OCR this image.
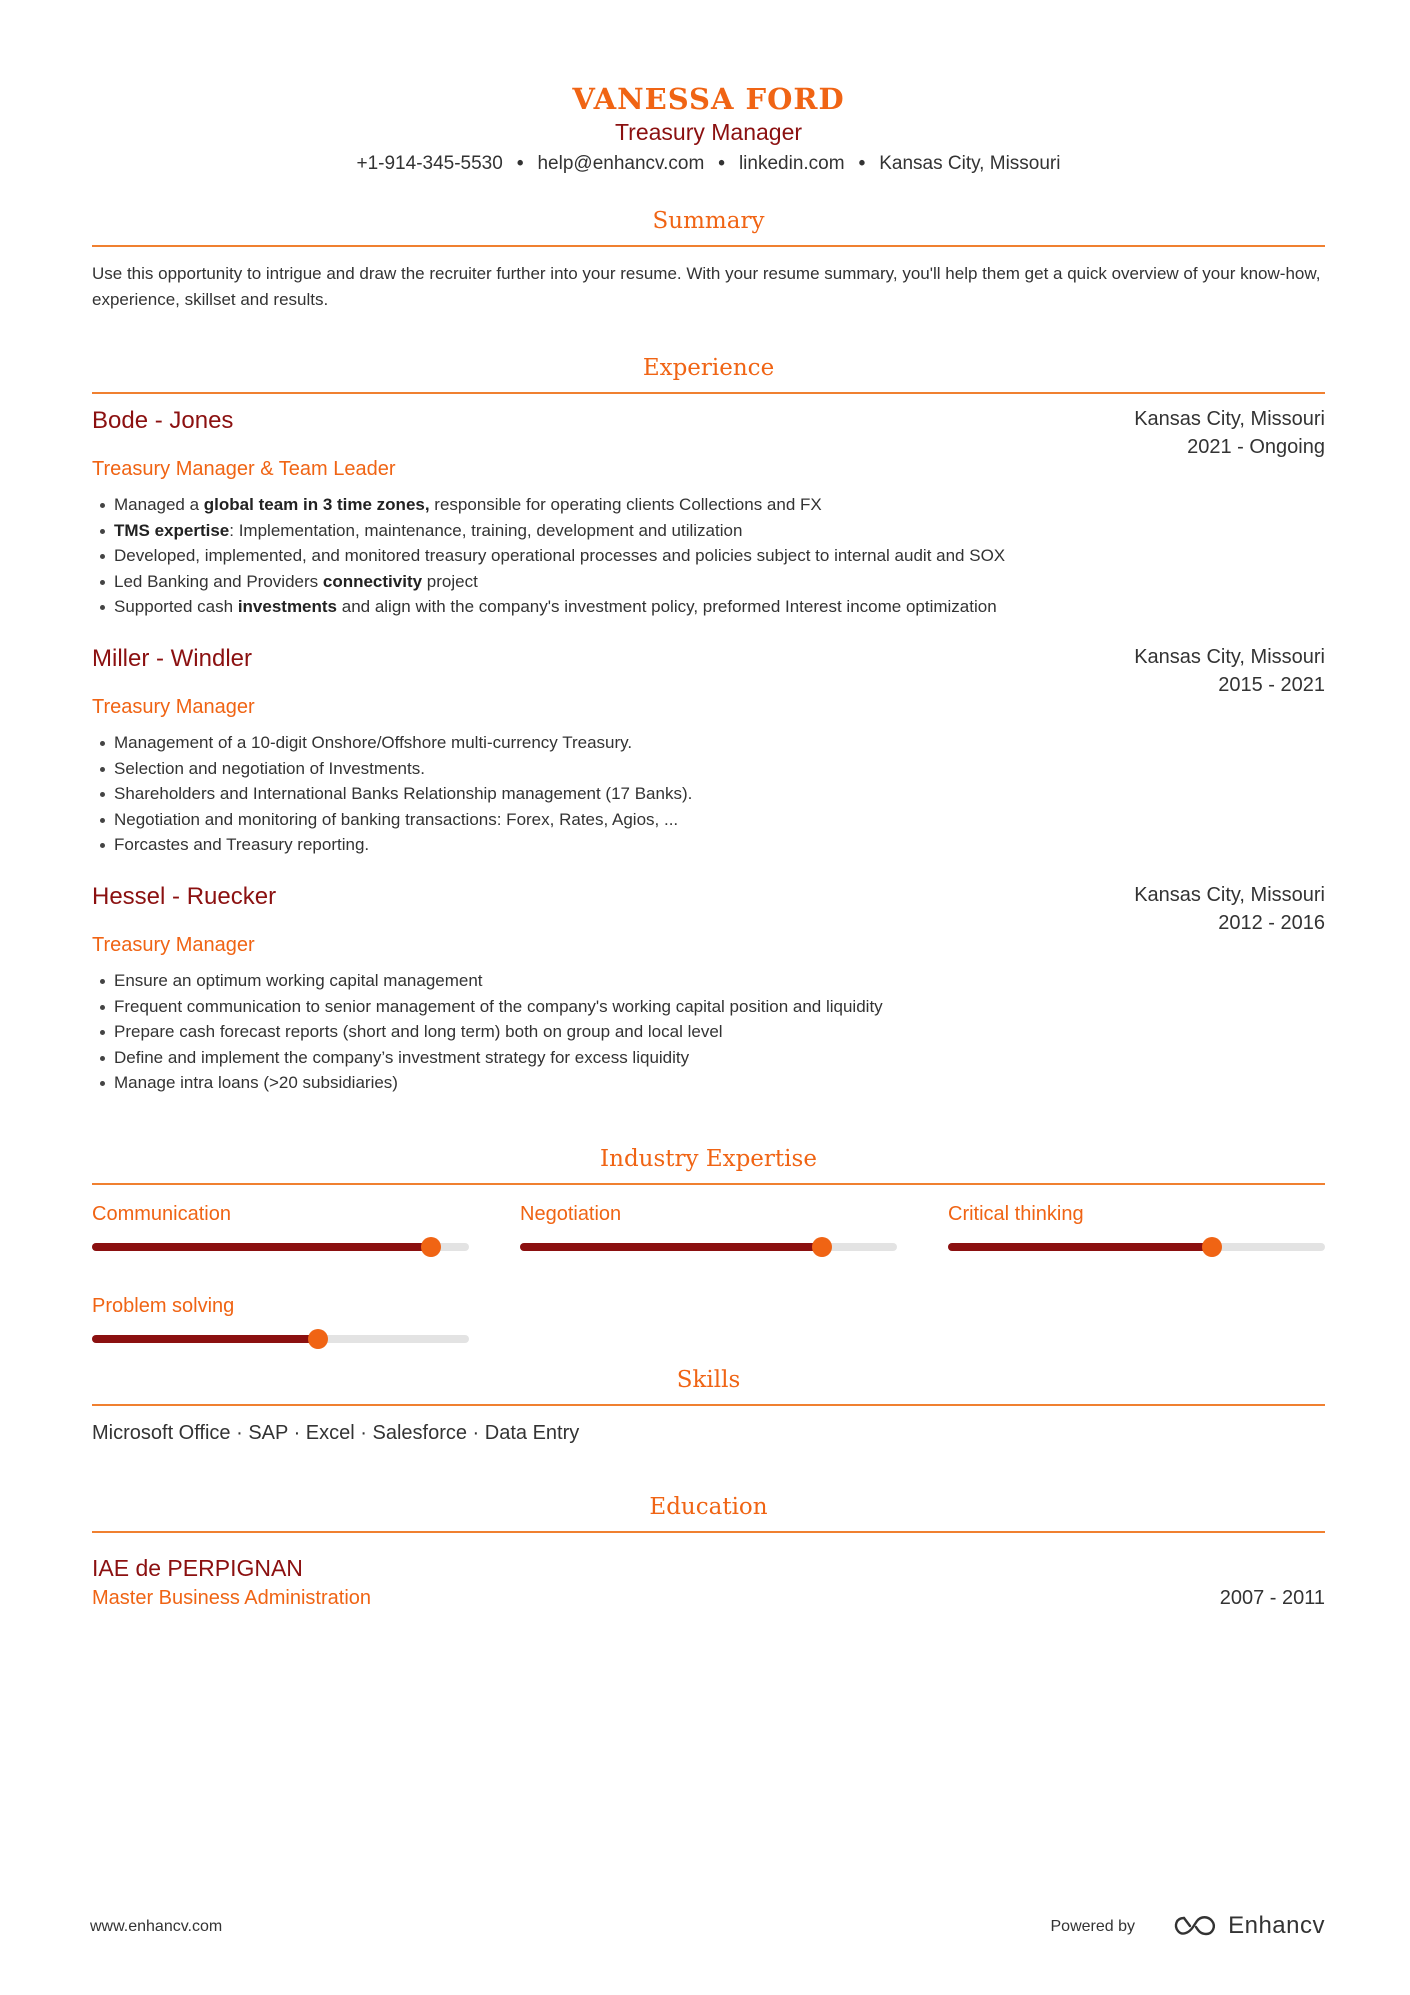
VANESSA FORD
Treasury Manager
+1-914-345-5530 • help@enhancv.com • linkedin.com • Kansas City, Missouri
Summary
Use this opportunity to intrigue and draw the recruiter further into your resume. With your resume summary, you'll help them get a quick overview of your know-how, experience, skillset and results.
Experience
Bode - Jones
Treasury Manager & Team Leader
Kansas City, Missouri
2021 - Ongoing
Managed a global team in 3 time zones, responsible for operating clients Collections and FX
TMS expertise: Implementation, maintenance, training, development and utilization
Developed, implemented, and monitored treasury operational processes and policies subject to internal audit and SOX
Led Banking and Providers connectivity project
Supported cash investments and align with the company's investment policy, preformed Interest income optimization
Miller - Windler
Treasury Manager
Kansas City, Missouri
2015 - 2021
Management of a 10-digit Onshore/Offshore multi-currency Treasury.
Selection and negotiation of Investments.
Shareholders and International Banks Relationship management (17 Banks).
Negotiation and monitoring of banking transactions: Forex, Rates, Agios, ...
Forcastes and Treasury reporting.
Hessel - Ruecker
Treasury Manager
Kansas City, Missouri
2012 - 2016
Ensure an optimum working capital management
Frequent communication to senior management of the company's working capital position and liquidity
Prepare cash forecast reports (short and long term) both on group and local level
Define and implement the company’s investment strategy for excess liquidity
Manage intra loans (>20 subsidiaries)
Industry Expertise
Communication	Negotiation	Critical thinking
Problem solving
Skills
Microsoft Office · SAP · Excel · Salesforce · Data Entry
Education
IAE de PERPIGNAN
Master Business Administration	2007 - 2011
www.enhancv.com	Powered by	Enhancv
